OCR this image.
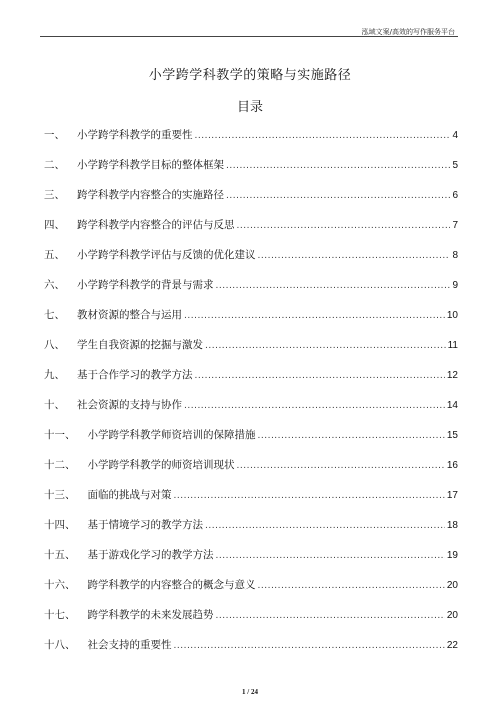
泓域文案/高效的写作服务平台
小学跨学科教学的策略与实施路径
目录
一、 小学跨学科教学的重要性 .....	4
二、 小学跨学科教学目标的整体框架 .....	5
三、 跨学科教学内容整合的实施路径 .....	6
四、 跨学科教学内容整合的评估与反思 .....	7
五、 小学跨学科教学评估与反馈的优化建议 .....	8
六、 小学跨学科教学的背景与需求 .....	9
七、 教材资源的整合与运用 .....	10
八、 学生自我资源的挖掘与激发 .....	11
九、 基于合作学习的教学方法 .....	12
十、 社会资源的支持与协作 .....	14
十一、 小学跨学科教学师资培训的保障措施 .....	15
十二、 小学跨学科教学的师资培训现状 .....	16
十三、 面临的挑战与对策 .....	17
十四、 基于情境学习的教学方法 .....	18
十五、 基于游戏化学习的教学方法 .....	19
十六、 跨学科教学的内容整合的概念与意义 .....	20
十七、 跨学科教学的未来发展趋势 .....	20
十八、 社会支持的重要性 .....	22
1 / 24
